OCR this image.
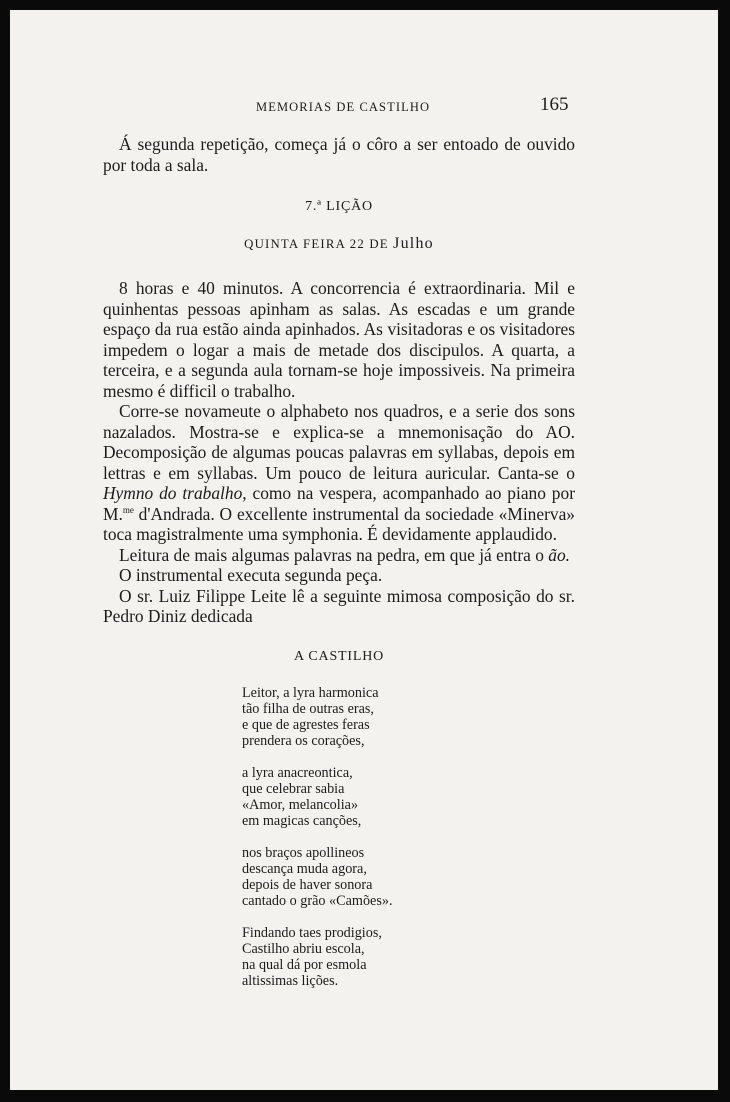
MEMORIAS DE CASTILHO	165

Á segunda repetição, começa já o côro a ser entoado de ouvido por toda a sala.

7.ª LIÇÃO

QUINTA FEIRA 22 DE Julho

8 horas e 40 minutos. A concorrencia é extraordinaria. Mil e quinhentas pessoas apinham as salas. As escadas e um grande espaço da rua estão ainda apinhados. As visitadoras e os visitadores impedem o logar a mais de metade dos discipulos. A quarta, a terceira, e a segunda aula tornam-se hoje impossiveis. Na primeira mesmo é difficil o trabalho.

Corre-se novameute o alphabeto nos quadros, e a serie dos sons nazalados. Mostra-se e explica-se a mnemonisação do AO. Decomposição de algumas poucas palavras em syllabas, depois em lettras e em syllabas. Um pouco de leitura auricular. Canta-se o Hymno do trabalho, como na vespera, acompanhado ao piano por M.$^{me}$ d'Andrada. O excellente instrumental da sociedade «Minerva» toca magistralmente uma symphonia. É devidamente applaudido.

Leitura de mais algumas palavras na pedra, em que já entra o ão.

O instrumental executa segunda peça.

O sr. Luiz Filippe Leite lê a seguinte mimosa composição do sr. Pedro Diniz dedicada

A CASTILHO

Leitor, a lyra harmonica
tão filha de outras eras,
e que de agrestes feras
prendera os corações,
a lyra anacreontica,
que celebrar sabia
«Amor, melancolia»
em magicas canções,
nos braços apollineos
descança muda agora,
depois de haver sonora
cantado o grão «Camões».
Findando taes prodigios,
Castilho abriu escola,
na qual dá por esmola
altissimas lições.
